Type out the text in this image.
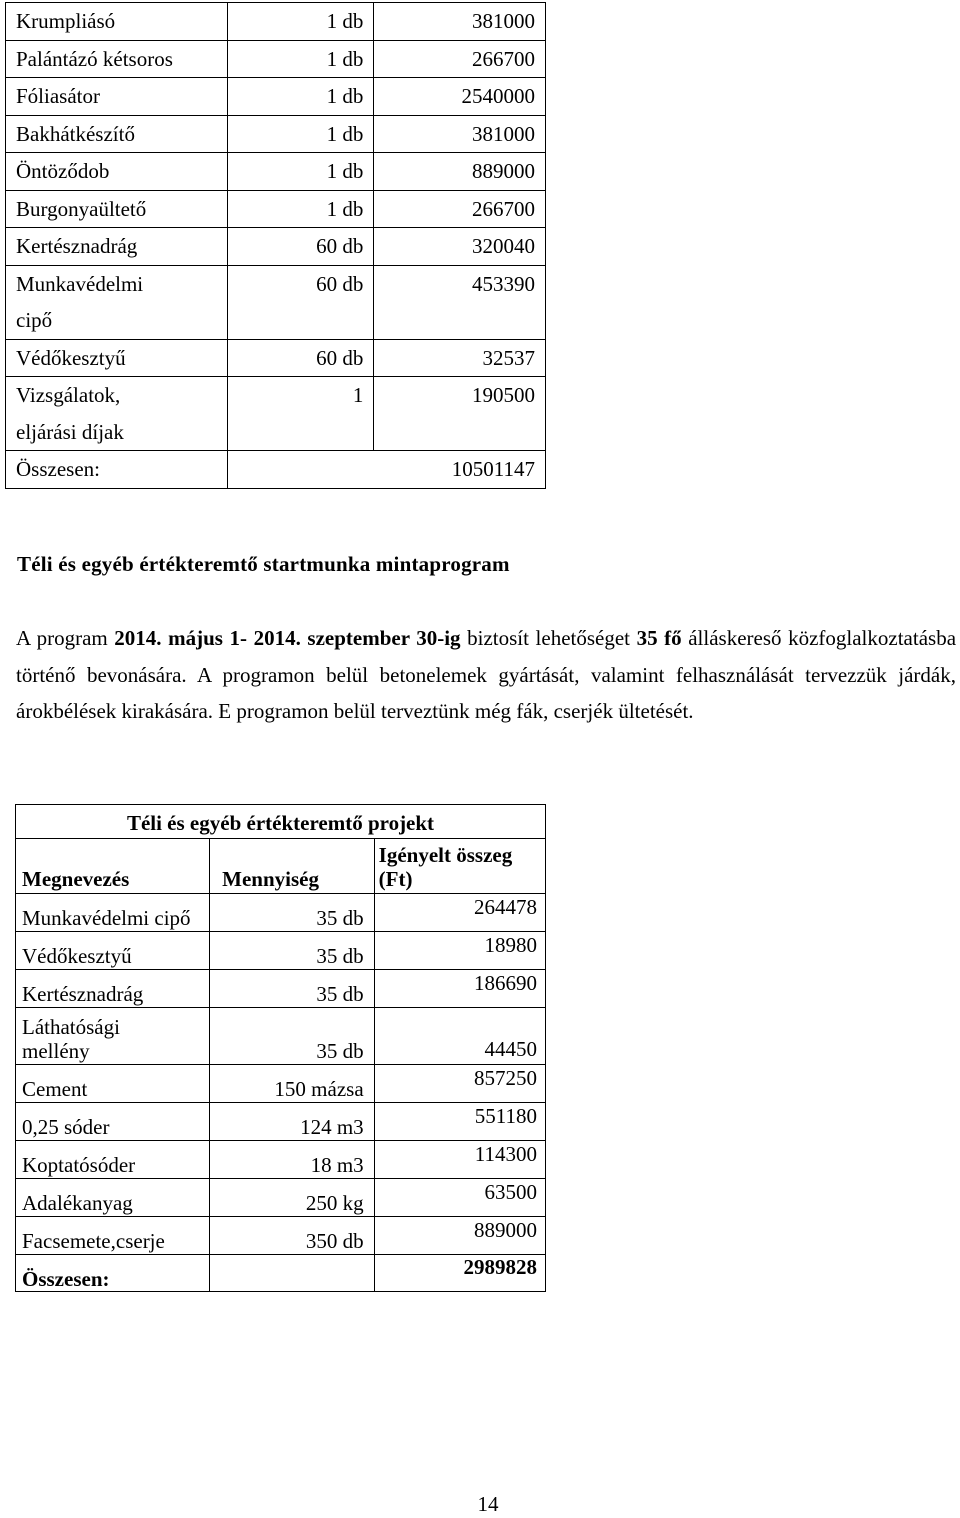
Krumpliásó	1 db	381000
Palántázó kétsoros	1 db	266700
Fóliasátor	1 db	2540000
Bakhátkészítő	1 db	381000
Öntöződob	1 db	889000
Burgonyaültető	1 db	266700
Kertésznadrág	60 db	320040

Munkavédelmi
cipő	60 db	453390
Védőkesztyű	60 db	32537

Vizsgálatok,
eljárási díjak	1	190500
Összesen:	10501147	
Téli és egyéb értékteremtő startmunka mintaprogram

A program 2014. május 1- 2014. szeptember 30-ig biztosít lehetőséget 35 fő álláskereső közfoglalkoztatásba történő bevonására. A programon belül betonelemek gyártását, valamint felhasználását tervezzük járdák, árokbélések kirakására. E programon belül terveztünk még fák, cserjék ültetését.

Téli és egyéb értékteremtő projekt		
Megnevezés	Mennyiség	Igényelt összeg
(Ft)

Munkavédelmi cipő	35 db	264478
Védőkesztyű	35 db	18980
Kertésznadrág	35 db	186690

Láthatósági
mellény	35 db	44450
Cement	150 mázsa	857250
0,25 sóder	124 m3	551180
Koptatósóder	18 m3	114300
Adalékanyag	250 kg	63500
Facsemete,cserje	350 db	889000
Összesen:		2989828

14
